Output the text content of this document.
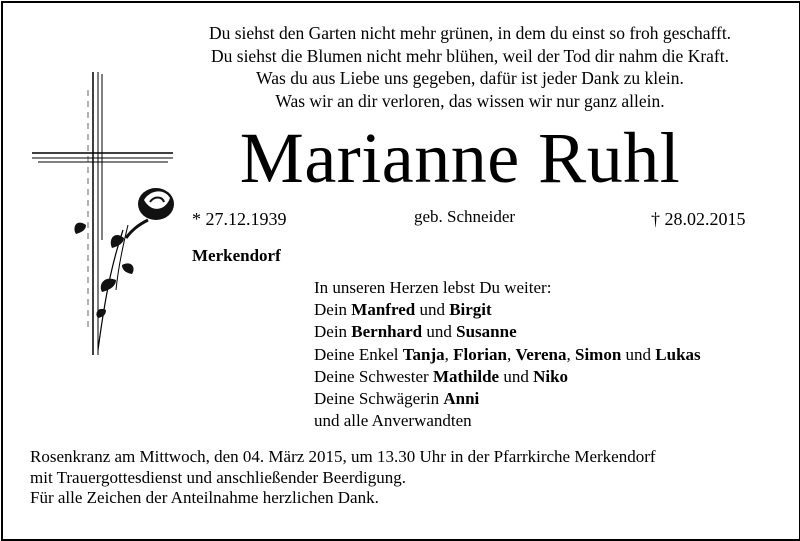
Du siehst den Garten nicht mehr grünen, in dem du einst so froh geschafft.
Du siehst die Blumen nicht mehr blühen, weil der Tod dir nahm die Kraft.
Was du aus Liebe uns gegeben, dafür ist jeder Dank zu klein.
Was wir an dir verloren, das wissen wir nur ganz allein.
Marianne Ruhl
* 27.12.1939	geb. Schneider	† 28.02.2015
Merkendorf
In unseren Herzen lebst Du weiter:
Dein Manfred und Birgit
Dein Bernhard und Susanne
Deine Enkel Tanja, Florian, Verena, Simon und Lukas
Deine Schwester Mathilde und Niko
Deine Schwägerin Anni
und alle Anverwandten
Rosenkranz am Mittwoch, den 04. März 2015, um 13.30 Uhr in der Pfarrkirche Merkendorf
mit Trauergottesdienst und anschließender Beerdigung.
Für alle Zeichen der Anteilnahme herzlichen Dank.
